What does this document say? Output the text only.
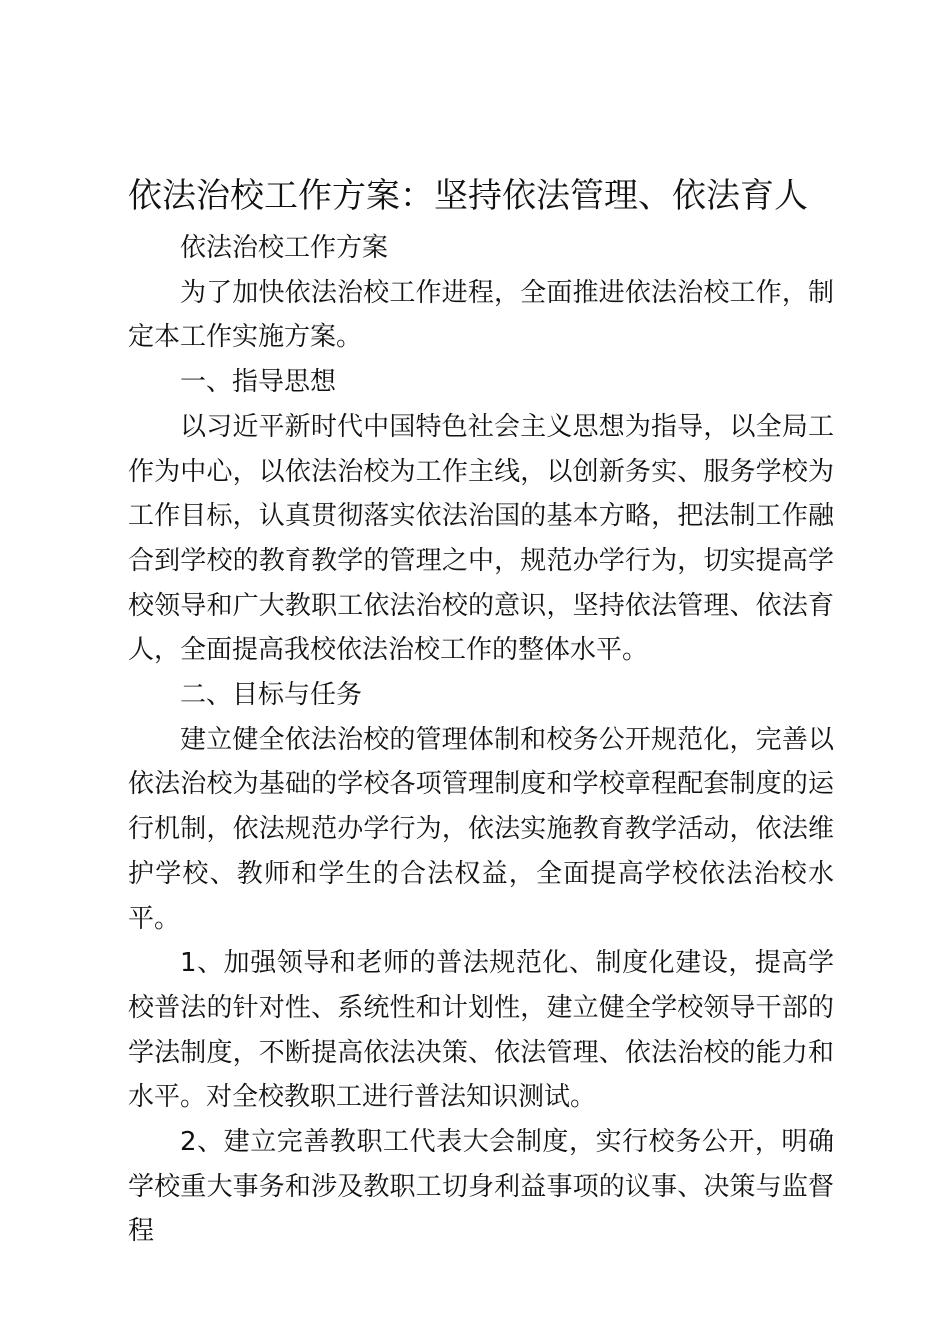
依法治校工作方案：坚持依法管理、依法育人

依法治校工作方案

为了加快依法治校工作进程，全面推进依法治校工作，制定本工作实施方案。

一、指导思想

以习近平新时代中国特色社会主义思想为指导，以全局工作为中心，以依法治校为工作主线，以创新务实、服务学校为工作目标，认真贯彻落实依法治国的基本方略，把法制工作融合到学校的教育教学的管理之中，规范办学行为，切实提高学校领导和广大教职工依法治校的意识，坚持依法管理、依法育人，全面提高我校依法治校工作的整体水平。

二、目标与任务

建立健全依法治校的管理体制和校务公开规范化，完善以依法治校为基础的学校各项管理制度和学校章程配套制度的运行机制，依法规范办学行为，依法实施教育教学活动，依法维护学校、教师和学生的合法权益，全面提高学校依法治校水平。

1、加强领导和老师的普法规范化、制度化建设，提高学校普法的针对性、系统性和计划性，建立健全学校领导干部的学法制度，不断提高依法决策、依法管理、依法治校的能力和水平。对全校教职工进行普法知识测试。

2、建立完善教职工代表大会制度，实行校务公开，明确学校重大事务和涉及教职工切身利益事项的议事、决策与监督程
